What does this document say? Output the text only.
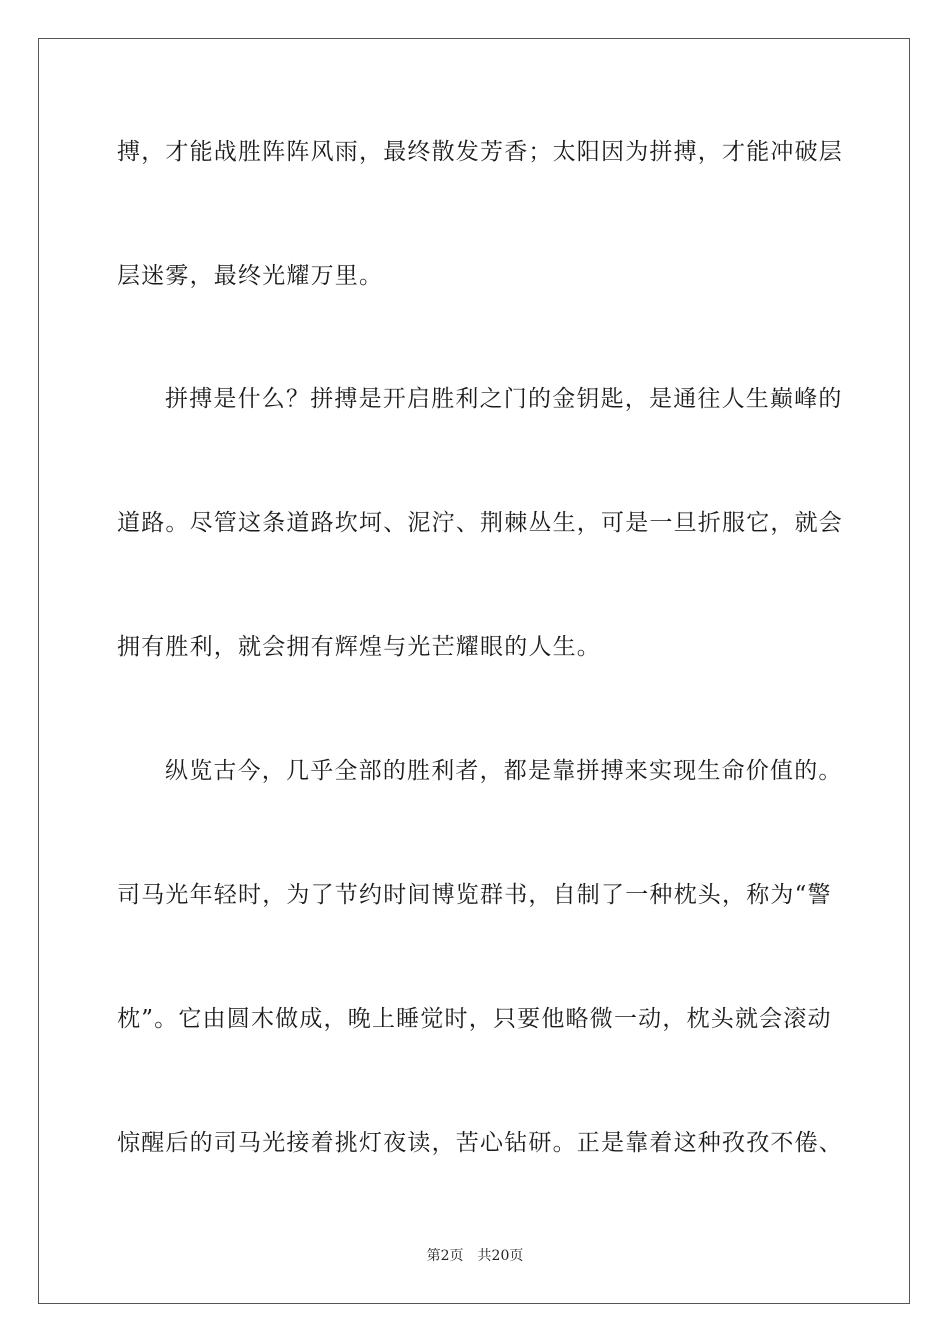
搏，才能战胜阵阵风雨，最终散发芳香；太阳因为拼搏，才能冲破层
层迷雾，最终光耀万里。
拼搏是什么？拼搏是开启胜利之门的金钥匙，是通往人生巅峰的
道路。尽管这条道路坎坷、泥泞、荆棘丛生，可是一旦折服它，就会
拥有胜利，就会拥有辉煌与光芒耀眼的人生。
纵览古今，几乎全部的胜利者，都是靠拼搏来实现生命价值的。
司马光年轻时，为了节约时间博览群书，自制了一种枕头，称为“警
枕”。它由圆木做成，晚上睡觉时，只要他略微一动，枕头就会滚动
惊醒后的司马光接着挑灯夜读，苦心钻研。正是靠着这种孜孜不倦、
第2页 共20页
